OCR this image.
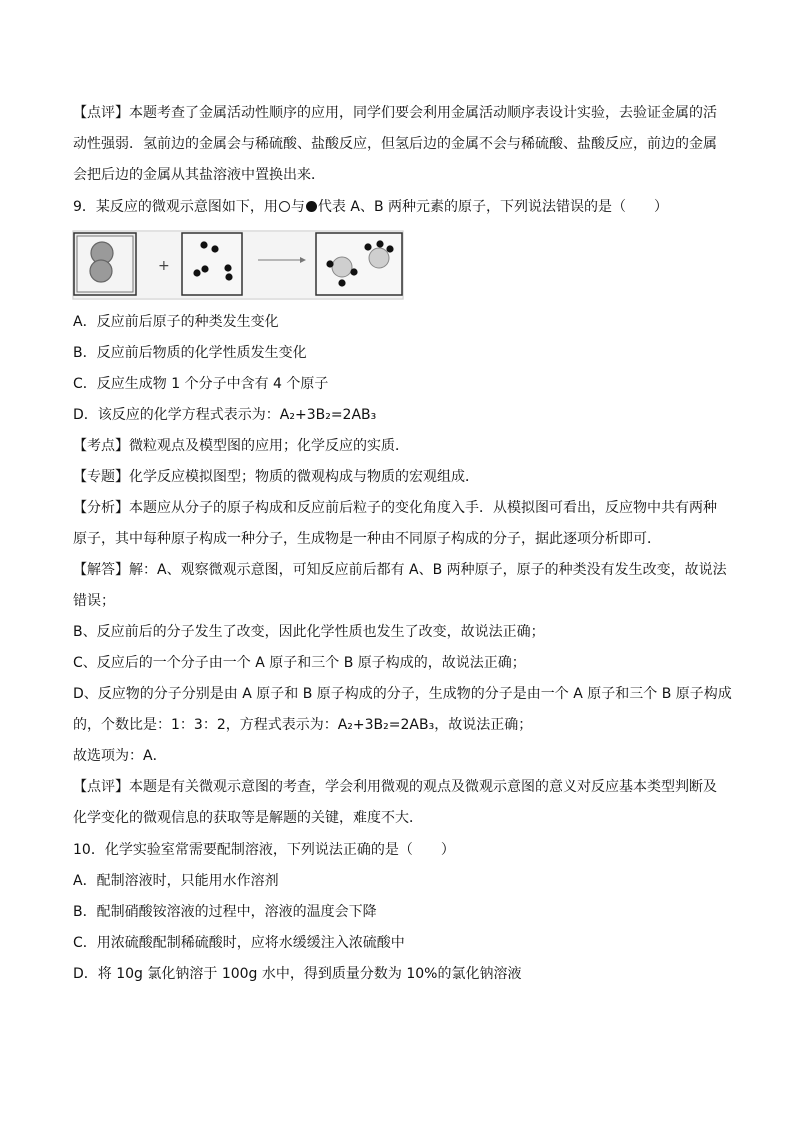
【点评】本题考查了金属活动性顺序的应用，同学们要会利用金属活动顺序表设计实验，去验证金属的活
动性强弱．氢前边的金属会与稀硫酸、盐酸反应，但氢后边的金属不会与稀硫酸、盐酸反应，前边的金属
会把后边的金属从其盐溶液中置换出来．
9．某反应的微观示意图如下，用 与 代表 A、B 两种元素的原子，下列说法错误的是（　　）
+
A．反应前后原子的种类发生变化
B．反应前后物质的化学性质发生变化
C．反应生成物 1 个分子中含有 4 个原子
D．该反应的化学方程式表示为：A₂+3B₂=2AB₃
【考点】微粒观点及模型图的应用；化学反应的实质．
【专题】化学反应模拟图型；物质的微观构成与物质的宏观组成．
【分析】本题应从分子的原子构成和反应前后粒子的变化角度入手．从模拟图可看出，反应物中共有两种
原子，其中每种原子构成一种分子，生成物是一种由不同原子构成的分子，据此逐项分析即可．
【解答】解：A、观察微观示意图，可知反应前后都有 A、B 两种原子，原子的种类没有发生改变，故说法
错误；
B、反应前后的分子发生了改变，因此化学性质也发生了改变，故说法正确；
C、反应后的一个分子由一个 A 原子和三个 B 原子构成的，故说法正确；
D、反应物的分子分别是由 A 原子和 B 原子构成的分子，生成物的分子是由一个 A 原子和三个 B 原子构成
的，个数比是：1：3：2，方程式表示为：A₂+3B₂=2AB₃，故说法正确；
故选项为：A．
【点评】本题是有关微观示意图的考查，学会利用微观的观点及微观示意图的意义对反应基本类型判断及
化学变化的微观信息的获取等是解题的关键，难度不大．
10．化学实验室常需要配制溶液，下列说法正确的是（　　）
A．配制溶液时，只能用水作溶剂
B．配制硝酸铵溶液的过程中，溶液的温度会下降
C．用浓硫酸配制稀硫酸时，应将水缓缓注入浓硫酸中
D．将 10g 氯化钠溶于 100g 水中，得到质量分数为 10%的氯化钠溶液
